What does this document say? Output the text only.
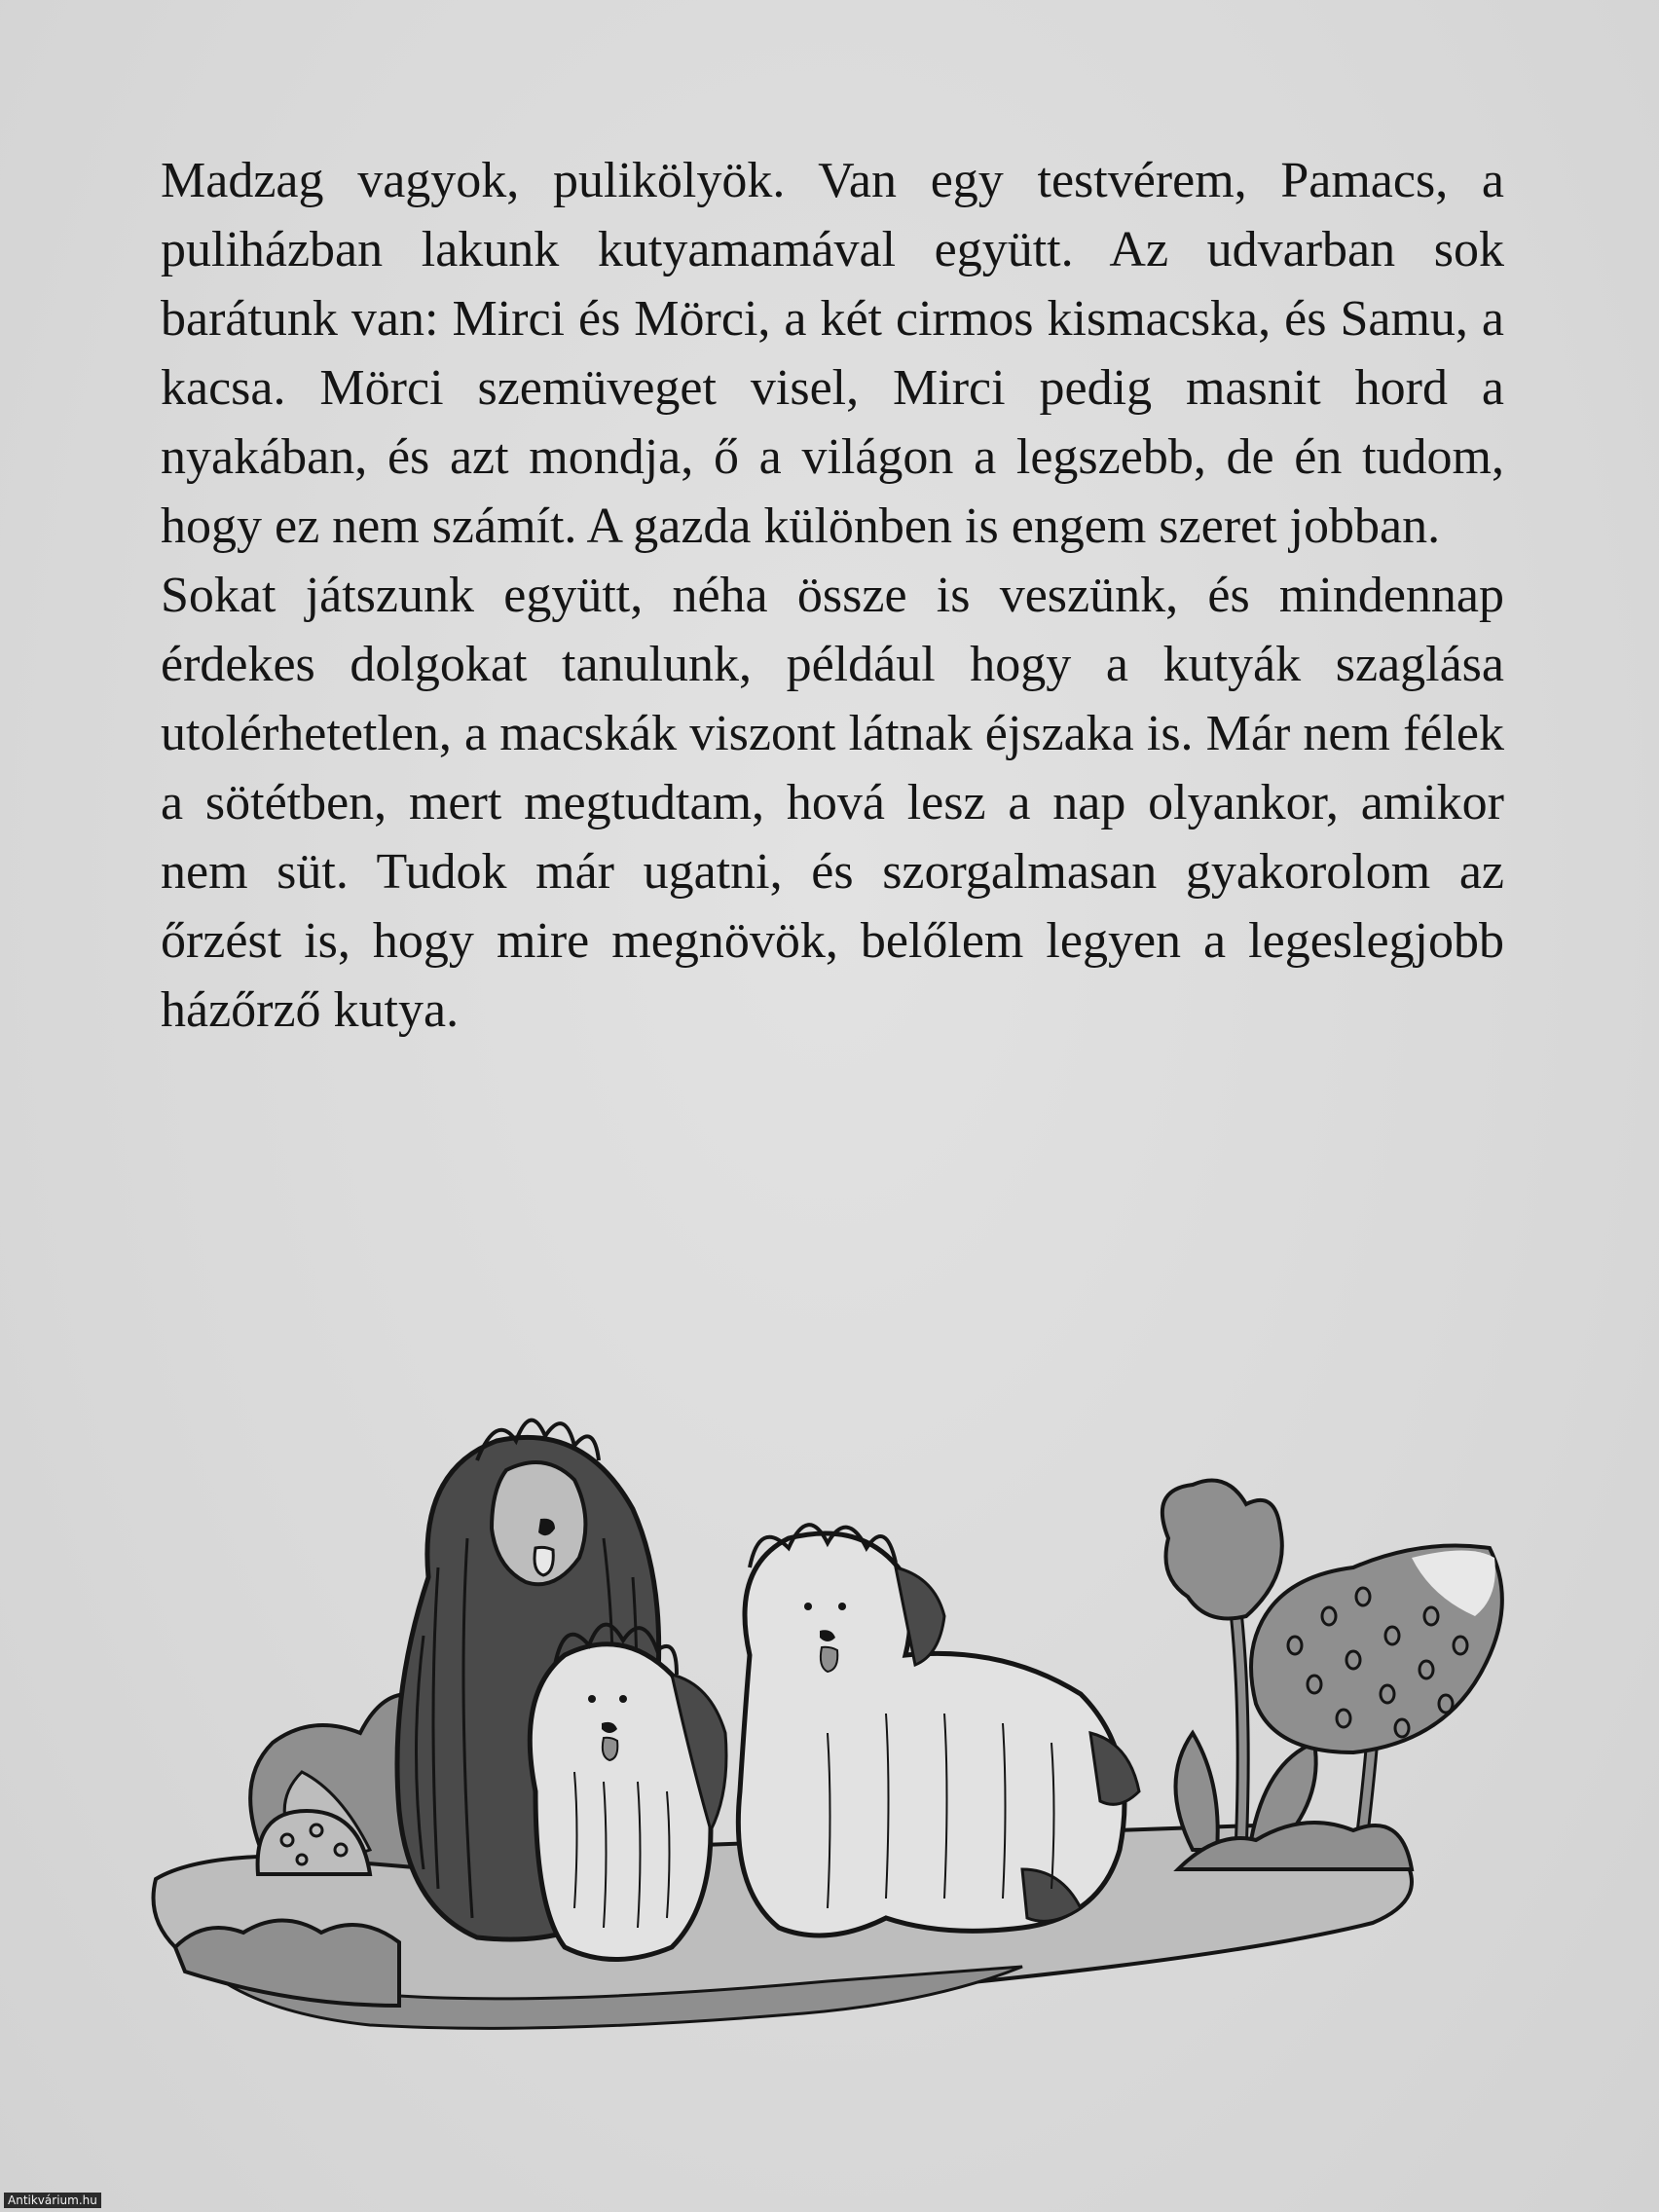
Madzag vagyok, pulikölyök. Van egy testvérem, Pamacs, a puliházban lakunk kutyamamával együtt. Az udvarban sok barátunk van: Mirci és Mörci, a két cirmos kismacska, és Samu, a kacsa. Mörci szemüveget visel, Mirci pedig masnit hord a nyakában, és azt mondja, ő a világon a legszebb, de én tudom, hogy ez nem számít. A gazda különben is engem szeret jobban.

Sokat játszunk együtt, néha össze is veszünk, és mindennap érdekes dolgokat tanulunk, például hogy a kutyák szaglása utolérhetetlen, a macskák viszont látnak éjszaka is. Már nem félek a sötétben, mert megtudtam, hová lesz a nap olyankor, amikor nem süt. Tudok már ugatni, és szorgalmasan gyakorolom az őrzést is, hogy mire megnövök, belőlem legyen a legeslegjobb házőrző kutya.

Antikvárium.hu
